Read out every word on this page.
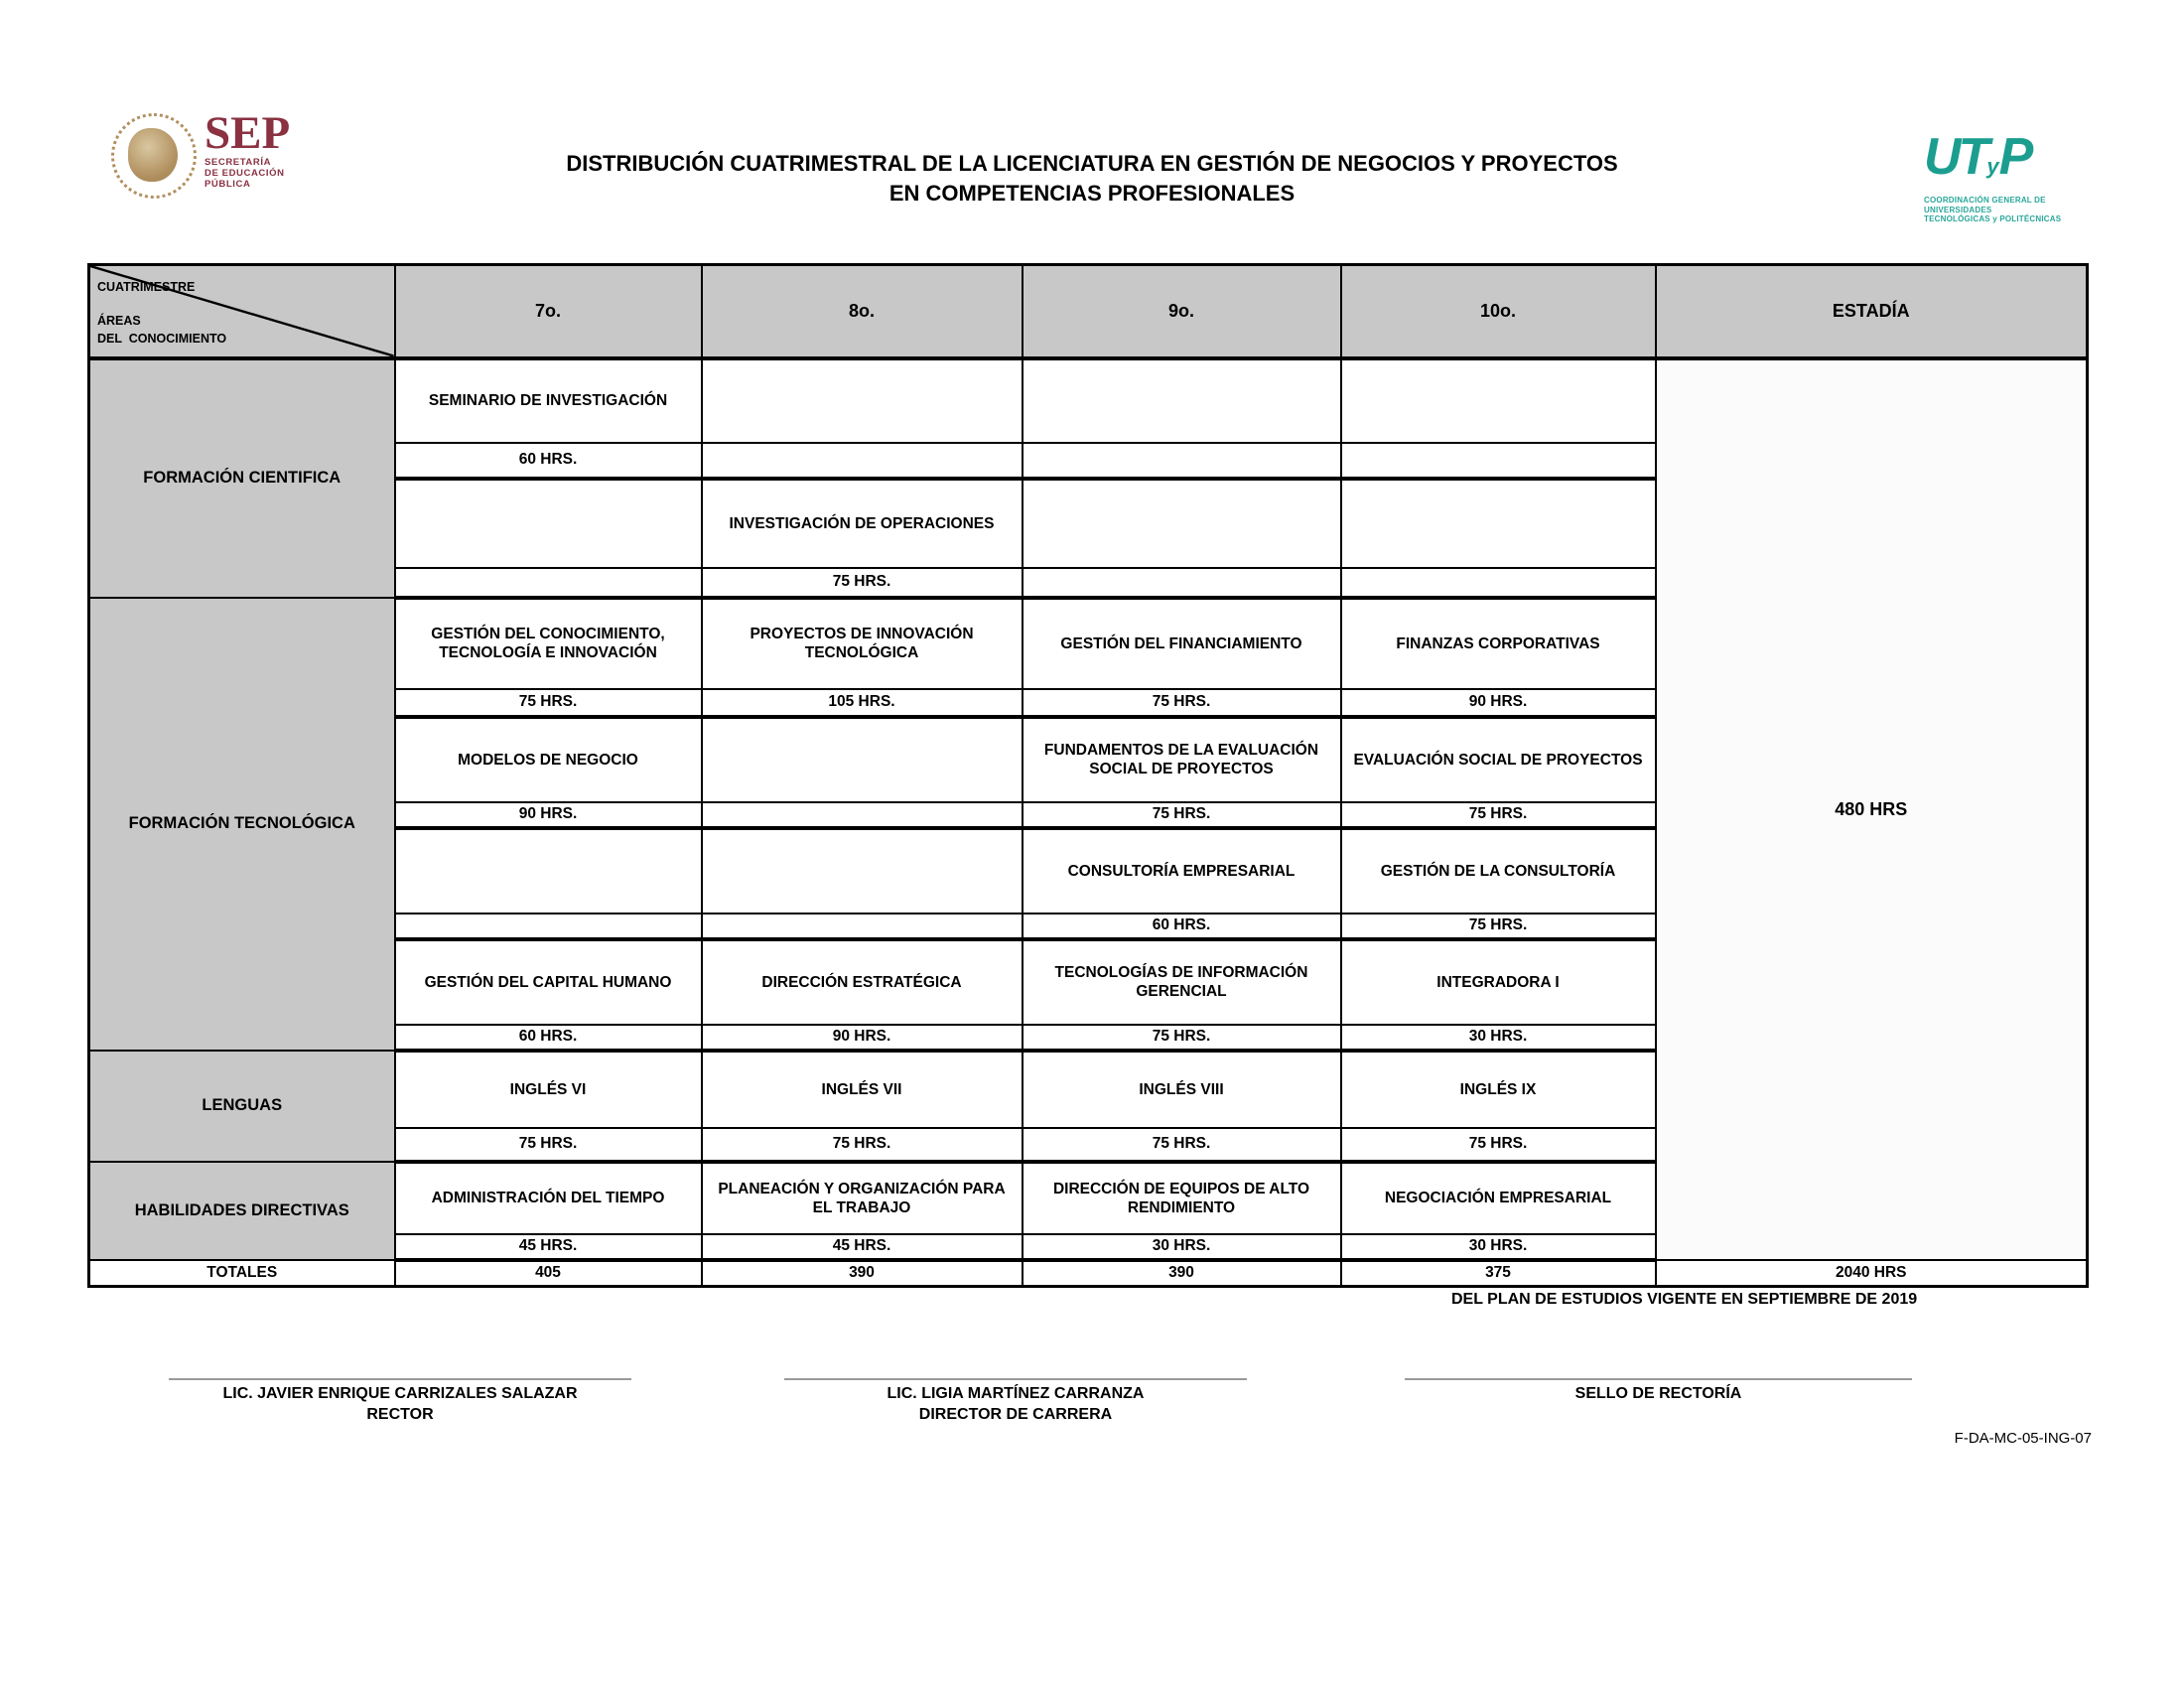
SEP
SECRETARÍA
DE EDUCACIÓN
PÚBLICA
DISTRIBUCIÓN CUATRIMESTRAL DE LA LICENCIATURA EN GESTIÓN DE NEGOCIOS Y PROYECTOS
EN COMPETENCIAS PROFESIONALES
UTyP
COORDINACIÓN GENERAL DE UNIVERSIDADES
TECNOLÓGICAS y POLITÉCNICAS
CUATRIMESTRE
ÁREAS
DEL  CONOCIMIENTO	7o.	8o.	9o.	10o.	ESTADÍA
FORMACIÓN CIENTIFICA	SEMINARIO DE INVESTIGACIÓN				480 HRS
	60 HRS.				
		INVESTIGACIÓN DE OPERACIONES			
		75 HRS.			
FORMACIÓN TECNOLÓGICA	GESTIÓN DEL CONOCIMIENTO, TECNOLOGÍA E INNOVACIÓN	PROYECTOS DE INNOVACIÓN TECNOLÓGICA	GESTIÓN DEL FINANCIAMIENTO	FINANZAS CORPORATIVAS	
	75 HRS.	105 HRS.	75 HRS.	90 HRS.	
	MODELOS DE NEGOCIO		FUNDAMENTOS DE LA EVALUACIÓN SOCIAL DE PROYECTOS	EVALUACIÓN SOCIAL DE PROYECTOS	
	90 HRS.		75 HRS.	75 HRS.	
			CONSULTORÍA EMPRESARIAL	GESTIÓN DE LA CONSULTORÍA	
			60 HRS.	75 HRS.	
	GESTIÓN DEL CAPITAL HUMANO	DIRECCIÓN ESTRATÉGICA	TECNOLOGÍAS DE INFORMACIÓN GERENCIAL	INTEGRADORA I	
	60 HRS.	90 HRS.	75 HRS.	30 HRS.	
LENGUAS	INGLÉS VI	INGLÉS VII	INGLÉS VIII	INGLÉS IX	
	75 HRS.	75 HRS.	75 HRS.	75 HRS.	
HABILIDADES DIRECTIVAS	ADMINISTRACIÓN DEL TIEMPO	PLANEACIÓN Y ORGANIZACIÓN PARA EL TRABAJO	DIRECCIÓN DE EQUIPOS DE ALTO RENDIMIENTO	NEGOCIACIÓN EMPRESARIAL	
	45 HRS.	45 HRS.	30 HRS.	30 HRS.	
TOTALES	405	390	390	375	2040 HRS
DEL PLAN DE ESTUDIOS VIGENTE EN SEPTIEMBRE DE 2019
LIC. JAVIER ENRIQUE CARRIZALES SALAZAR
RECTOR
LIC. LIGIA MARTÍNEZ CARRANZA
DIRECTOR DE CARRERA
SELLO DE RECTORÍA
F-DA-MC-05-ING-07
